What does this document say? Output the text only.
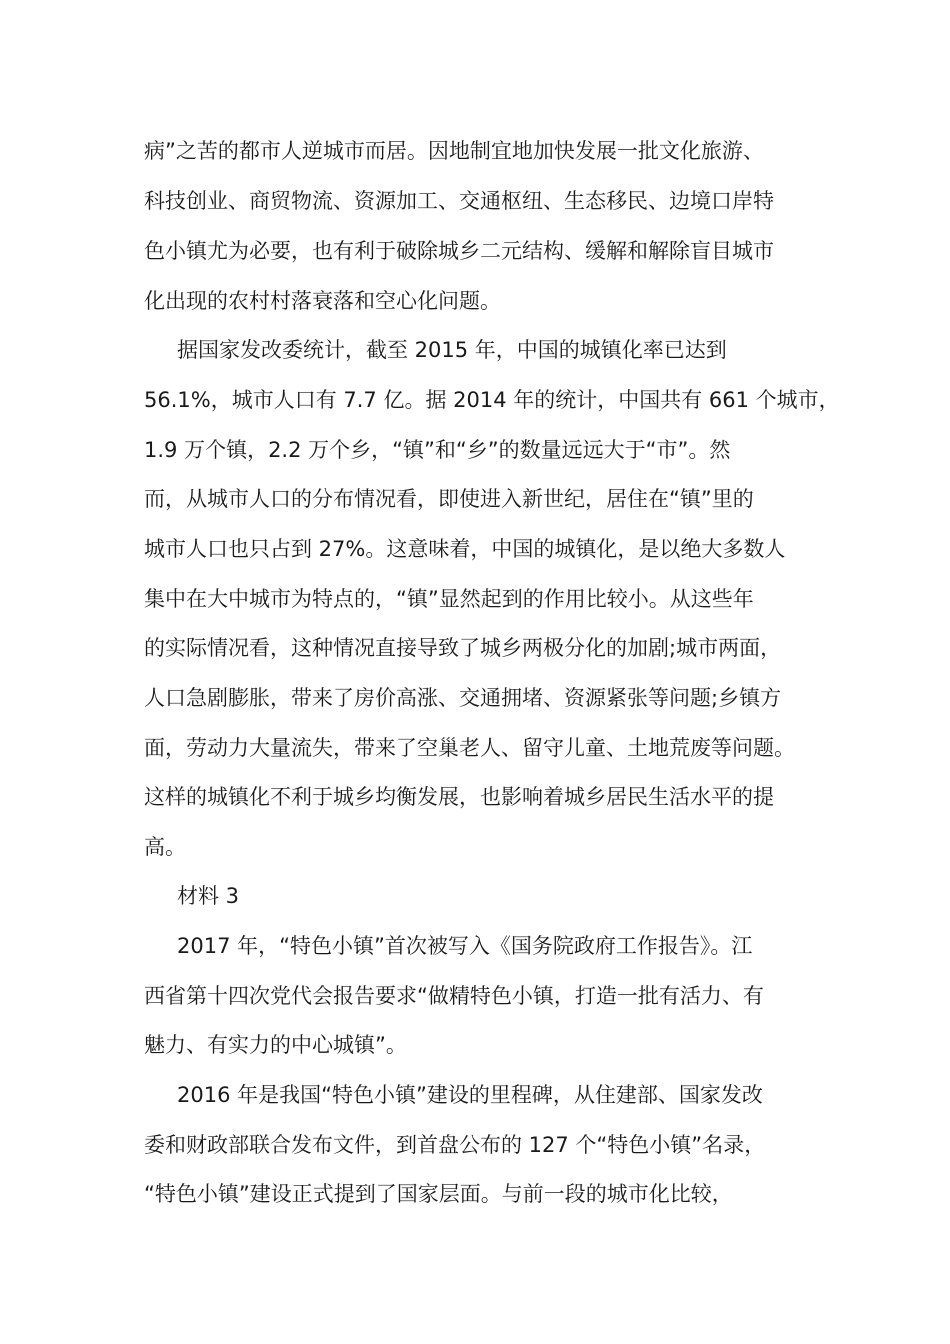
病”之苦的都市人逆城市而居。因地制宜地加快发展一批文化旅游、
科技创业、商贸物流、资源加工、交通枢纽、生态移民、边境口岸特
色小镇尤为必要，也有利于破除城乡二元结构、缓解和解除盲目城市
化出现的农村村落衰落和空心化问题。
据国家发改委统计，截至 2015 年，中国的城镇化率已达到
56.1%，城市人口有 7.7 亿。据 2014 年的统计，中国共有 661 个城市，
1.9 万个镇，2.2 万个乡，“镇”和“乡”的数量远远大于“市”。然
而，从城市人口的分布情况看，即使进入新世纪，居住在“镇”里的
城市人口也只占到 27%。这意味着，中国的城镇化，是以绝大多数人
集中在大中城市为特点的，“镇”显然起到的作用比较小。从这些年
的实际情况看，这种情况直接导致了城乡两极分化的加剧;城市两面，
人口急剧膨胀，带来了房价高涨、交通拥堵、资源紧张等问题;乡镇方
面，劳动力大量流失，带来了空巢老人、留守儿童、土地荒废等问题。
这样的城镇化不利于城乡均衡发展，也影响着城乡居民生活水平的提
高。
材料 3
2017 年，“特色小镇”首次被写入《国务院政府工作报告》。江
西省第十四次党代会报告要求“做精特色小镇，打造一批有活力、有
魅力、有实力的中心城镇”。
2016 年是我国“特色小镇”建设的里程碑，从住建部、国家发改
委和财政部联合发布文件，到首盘公布的 127 个“特色小镇”名录，
“特色小镇”建设正式提到了国家层面。与前一段的城市化比较，
